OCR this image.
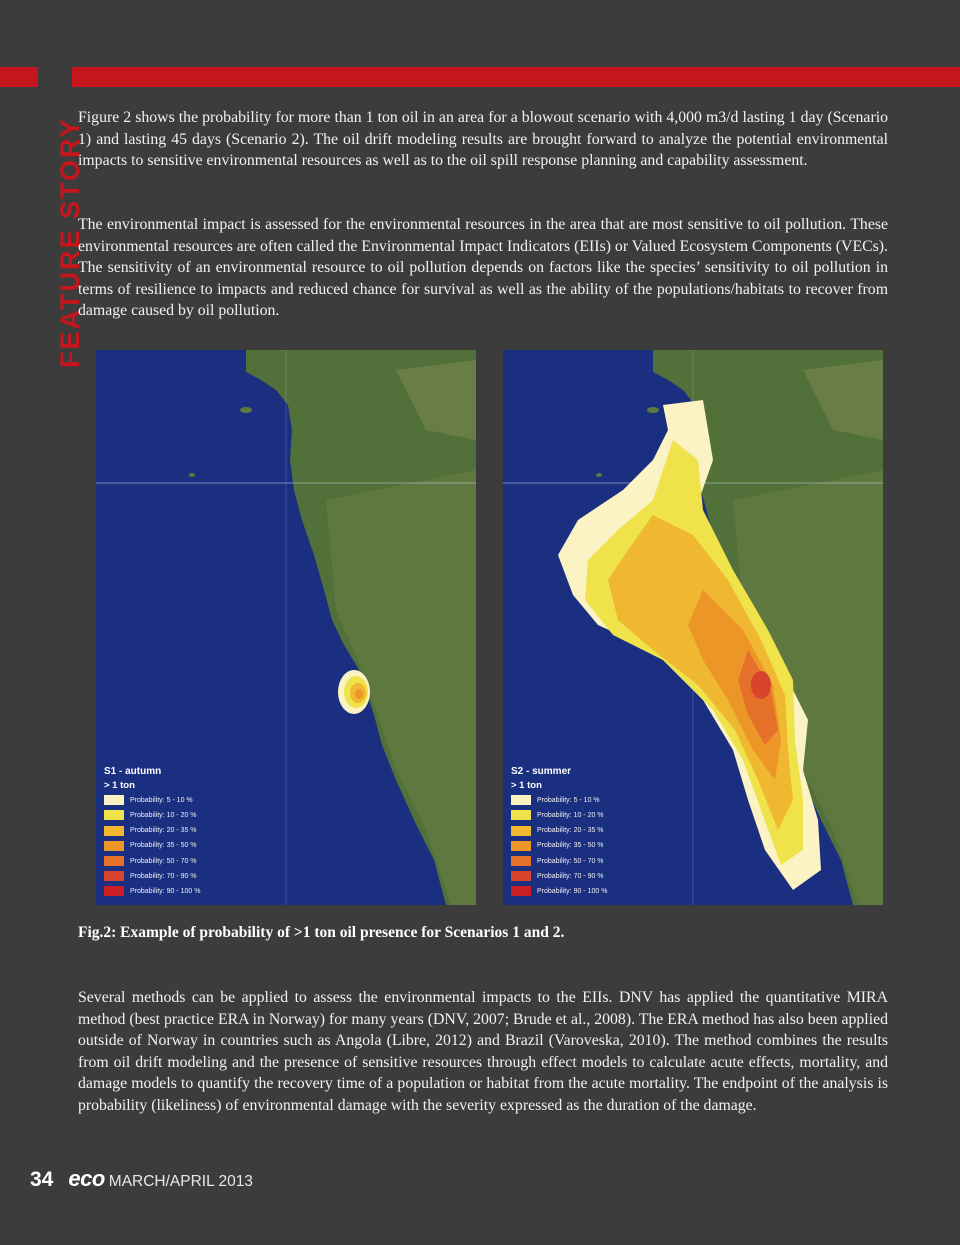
FEATURE STORY

Figure 2 shows the probability for more than 1 ton oil in an area for a blowout scenario with 4,000 m3/d lasting 1 day (Scenario 1) and lasting 45 days (Scenario 2). The oil drift modeling results are brought forward to analyze the potential environmental impacts to sensitive environmental resources as well as to the oil spill response planning and capability assessment.

The environmental impact is assessed for the environmental resources in the area that are most sensitive to oil pollution. These environmental resources are often called the Environmental Impact Indicators (EIIs) or Valued Ecosystem Components (VECs). The sensitivity of an environmental resource to oil pollution depends on factors like the species’ sensitivity to oil pollution in terms of resilience to impacts and reduced chance for survival as well as the ability of the populations/habitats to recover from damage caused by oil pollution.

S1 - autumn
> 1 ton
Probability: 5 - 10 %
Probability: 10 - 20 %
Probability: 20 - 35 %
Probability: 35 - 50 %
Probability: 50 - 70 %
Probability: 70 - 90 %
Probability: 90 - 100 %
S2 - summer
> 1 ton
Probability: 5 - 10 %
Probability: 10 - 20 %
Probability: 20 - 35 %
Probability: 35 - 50 %
Probability: 50 - 70 %
Probability: 70 - 90 %
Probability: 90 - 100 %

Fig.2: Example of probability of >1 ton oil presence for Scenarios 1 and 2.

Several methods can be applied to assess the environmental impacts to the EIIs. DNV has applied the quantitative MIRA method (best practice ERA in Norway) for many years (DNV, 2007; Brude et al., 2008). The ERA method has also been applied outside of Norway in countries such as Angola (Libre, 2012) and Brazil (Varoveska, 2010). The method combines the results from oil drift modeling and the presence of sensitive resources through effect models to calculate acute effects, mortality, and damage models to quantify the recovery time of a population or habitat from the acute mortality. The endpoint of the analysis is probability (likeliness) of environmental damage with the severity expressed as the duration of the damage.

34 eco MARCH/APRIL 2013
